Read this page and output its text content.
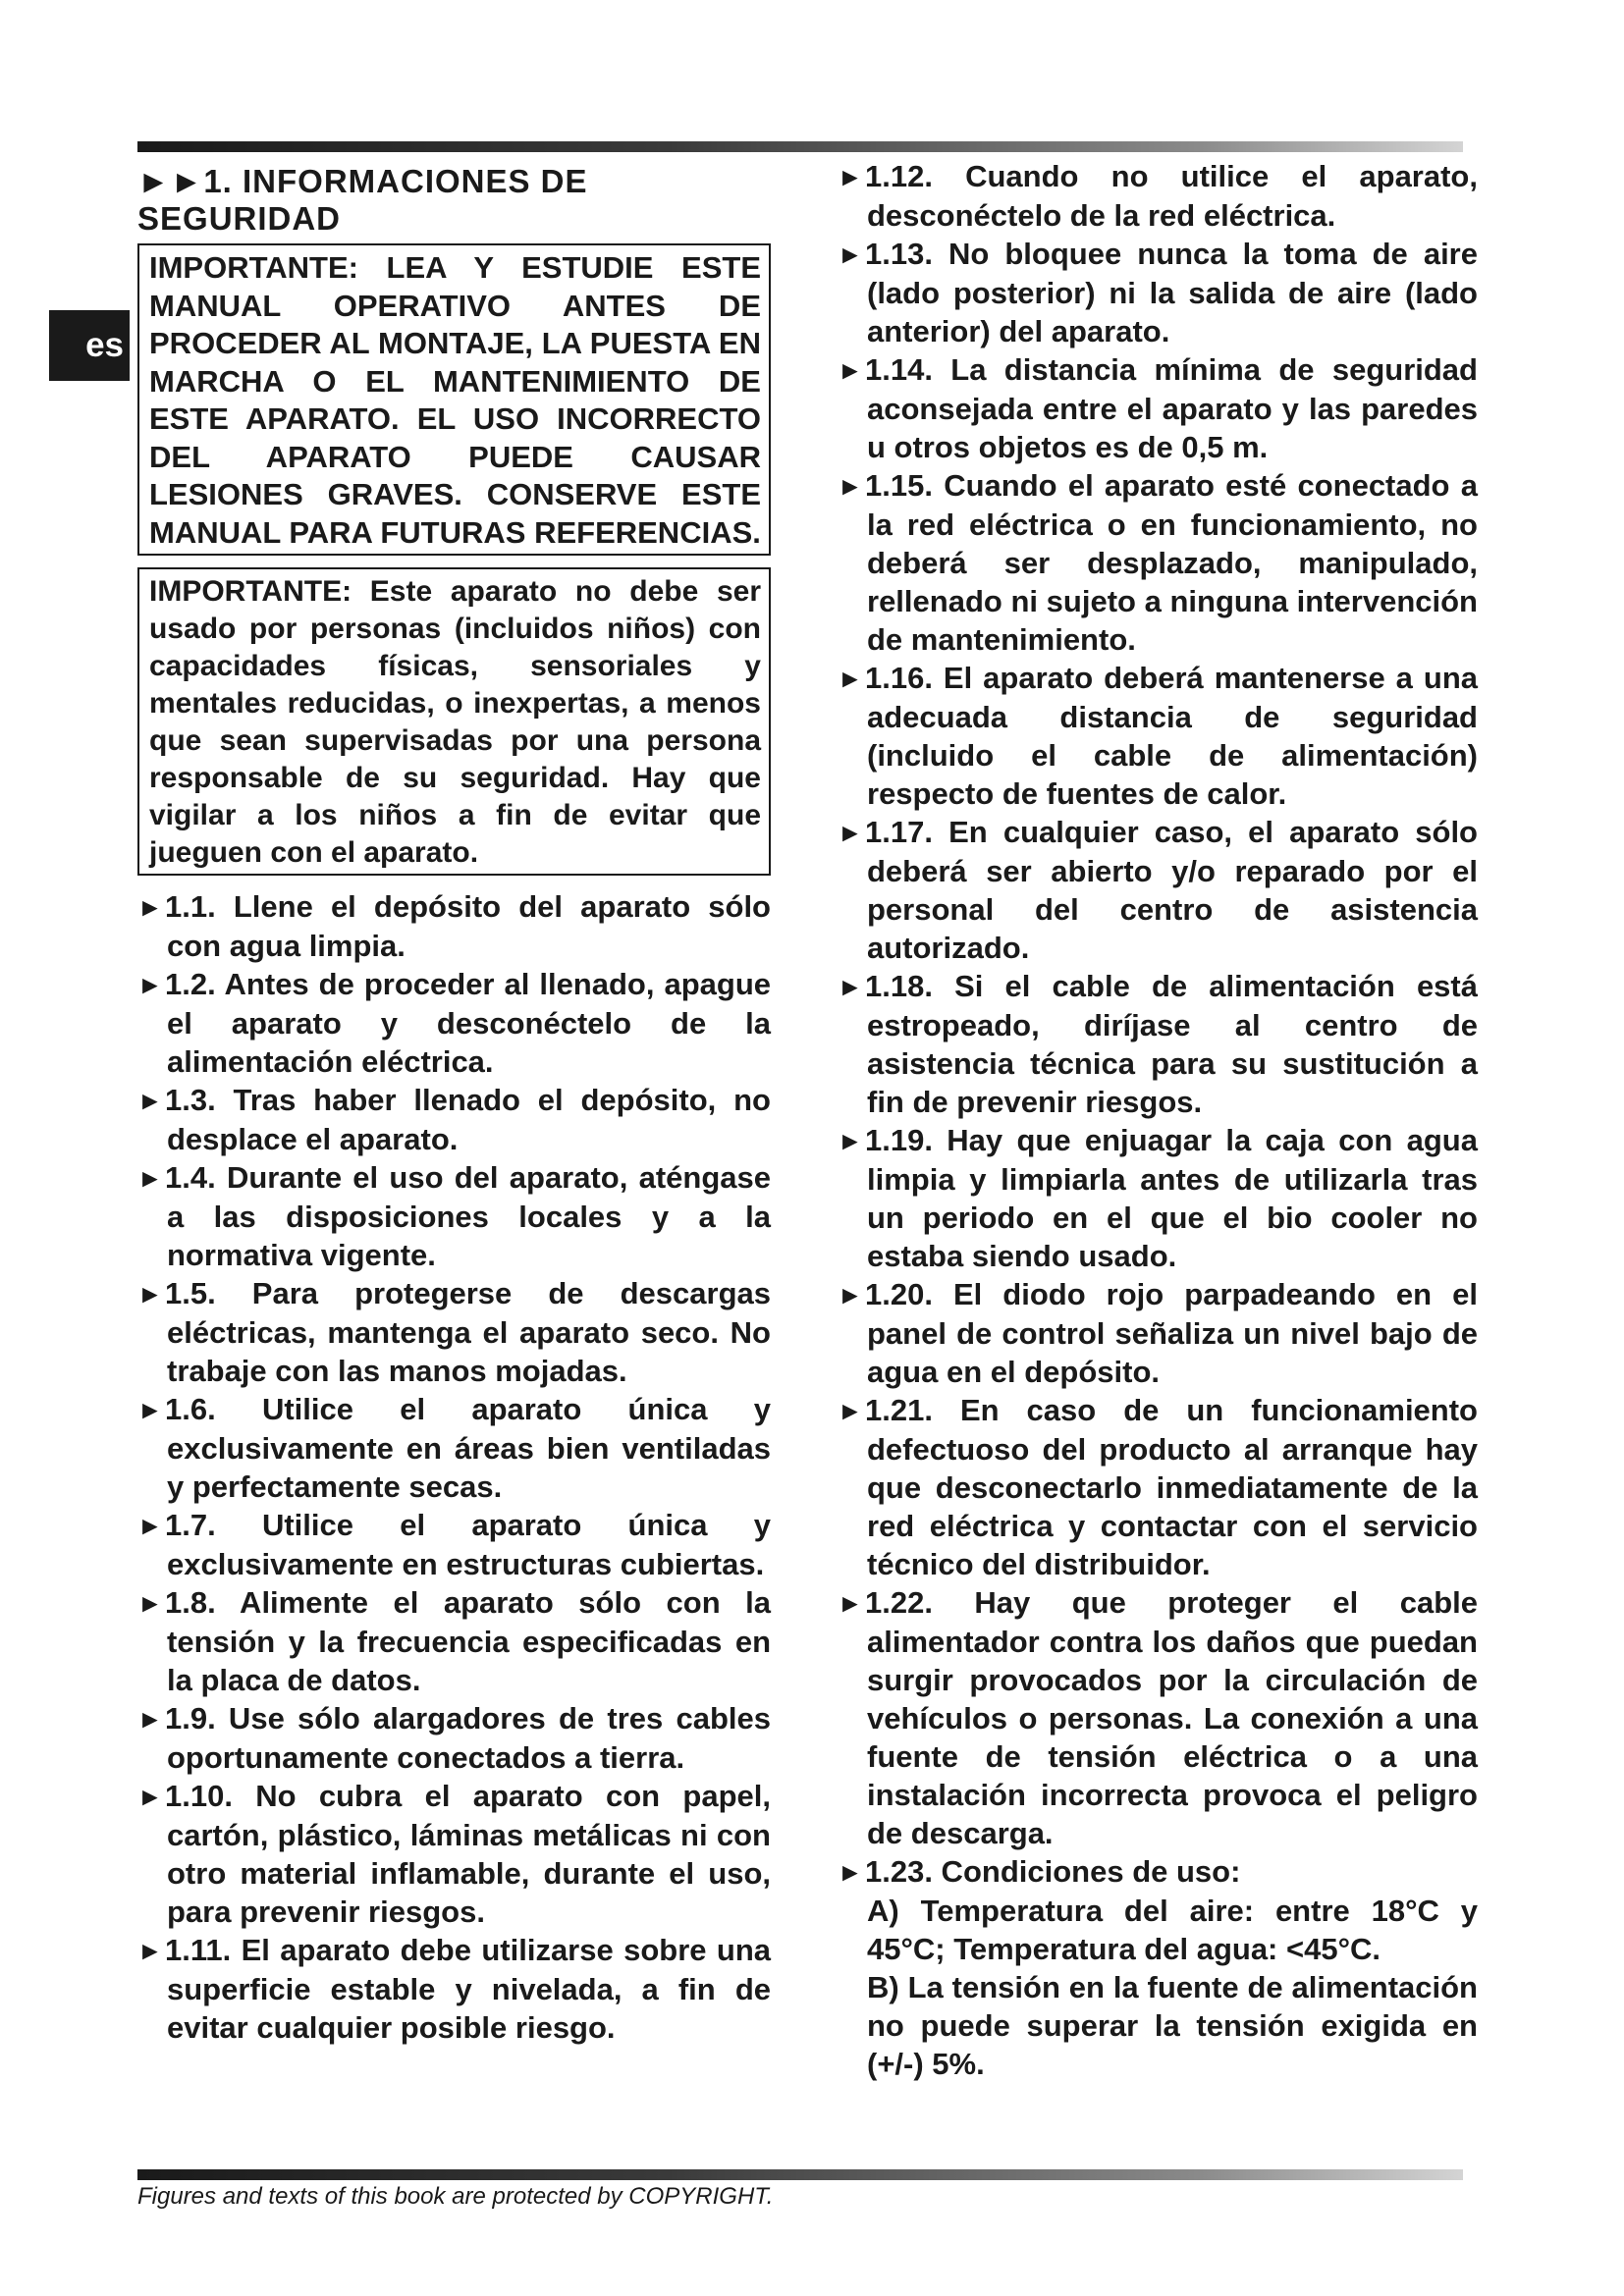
es
►►1. INFORMACIONES DE
SEGURIDAD
IMPORTANTE: LEA Y ESTUDIE ESTE MANUAL OPERATIVO ANTES DE PROCEDER AL MONTAJE, LA PUESTA EN MARCHA O EL MANTENIMIENTO DE ESTE APARATO. EL USO INCORRECTO DEL APARATO PUEDE CAUSAR LESIONES GRAVES. CONSERVE ESTE MANUAL PARA FUTURAS REFERENCIAS.
IMPORTANTE: Este aparato no debe ser usado por personas (incluidos niños) con capacidades físicas, sensoriales y mentales reducidas, o inexpertas, a menos que sean supervisadas por una persona responsable de su seguridad. Hay que vigilar a los niños a fin de evitar que jueguen con el aparato.
►1.1. Llene el depósito del aparato sólo con agua limpia.
►1.2. Antes de proceder al llenado, apague el aparato y desconéctelo de la alimentación eléctrica.
►1.3. Tras haber llenado el depósito, no desplace el aparato.
►1.4. Durante el uso del aparato, aténgase a las disposiciones locales y a la normativa vigente.
►1.5. Para protegerse de descargas eléctricas, mantenga el aparato seco. No trabaje con las manos mojadas.
►1.6. Utilice el aparato única y exclusivamente en áreas bien ventiladas y perfectamente secas.
►1.7. Utilice el aparato única y exclusivamente en estructuras cubiertas.
►1.8. Alimente el aparato sólo con la tensión y la frecuencia especificadas en la placa de datos.
►1.9. Use sólo alargadores de tres cables oportunamente conectados a tierra.
►1.10. No cubra el aparato con papel, cartón, plástico, láminas metálicas ni con otro material inflamable, durante el uso, para prevenir riesgos.
►1.11. El aparato debe utilizarse sobre una superficie estable y nivelada, a fin de evitar cualquier posible riesgo.
►1.12. Cuando no utilice el aparato, desconéctelo de la red eléctrica.
►1.13. No bloquee nunca la toma de aire (lado posterior) ni la salida de aire (lado anterior) del aparato.
►1.14. La distancia mínima de seguridad aconsejada entre el aparato y las paredes u otros objetos es de 0,5 m.
►1.15. Cuando el aparato esté conectado a la red eléctrica o en funcionamiento, no deberá ser desplazado, manipulado, rellenado ni sujeto a ninguna intervención de mantenimiento.
►1.16. El aparato deberá mantenerse a una adecuada distancia de seguridad (incluido el cable de alimentación) respecto de fuentes de calor.
►1.17. En cualquier caso, el aparato sólo deberá ser abierto y/o reparado por el personal del centro de asistencia autorizado.
►1.18. Si el cable de alimentación está estropeado, diríjase al centro de asistencia técnica para su sustitución a fin de prevenir riesgos.
►1.19. Hay que enjuagar la caja con agua limpia y limpiarla antes de utilizarla tras un periodo en el que el bio cooler no estaba siendo usado.
►1.20. El diodo rojo parpadeando en el panel de control señaliza un nivel bajo de agua en el depósito.
►1.21. En caso de un funcionamiento defectuoso del producto al arranque hay que desconectarlo inmediatamente de la red eléctrica y contactar con el servicio técnico del distribuidor.
►1.22. Hay que proteger el cable alimentador contra los daños que puedan surgir provocados por la circulación de vehículos o personas. La conexión a una fuente de tensión eléctrica o a una instalación incorrecta provoca el peligro de descarga.
►1.23. Condiciones de uso:
A) Temperatura del aire: entre 18°C y 45°C; Temperatura del agua: <45°C.
B) La tensión en la fuente de alimentación no puede superar la tensión exigida en (+/-) 5%.
Figures and texts of this book are protected by COPYRIGHT.
